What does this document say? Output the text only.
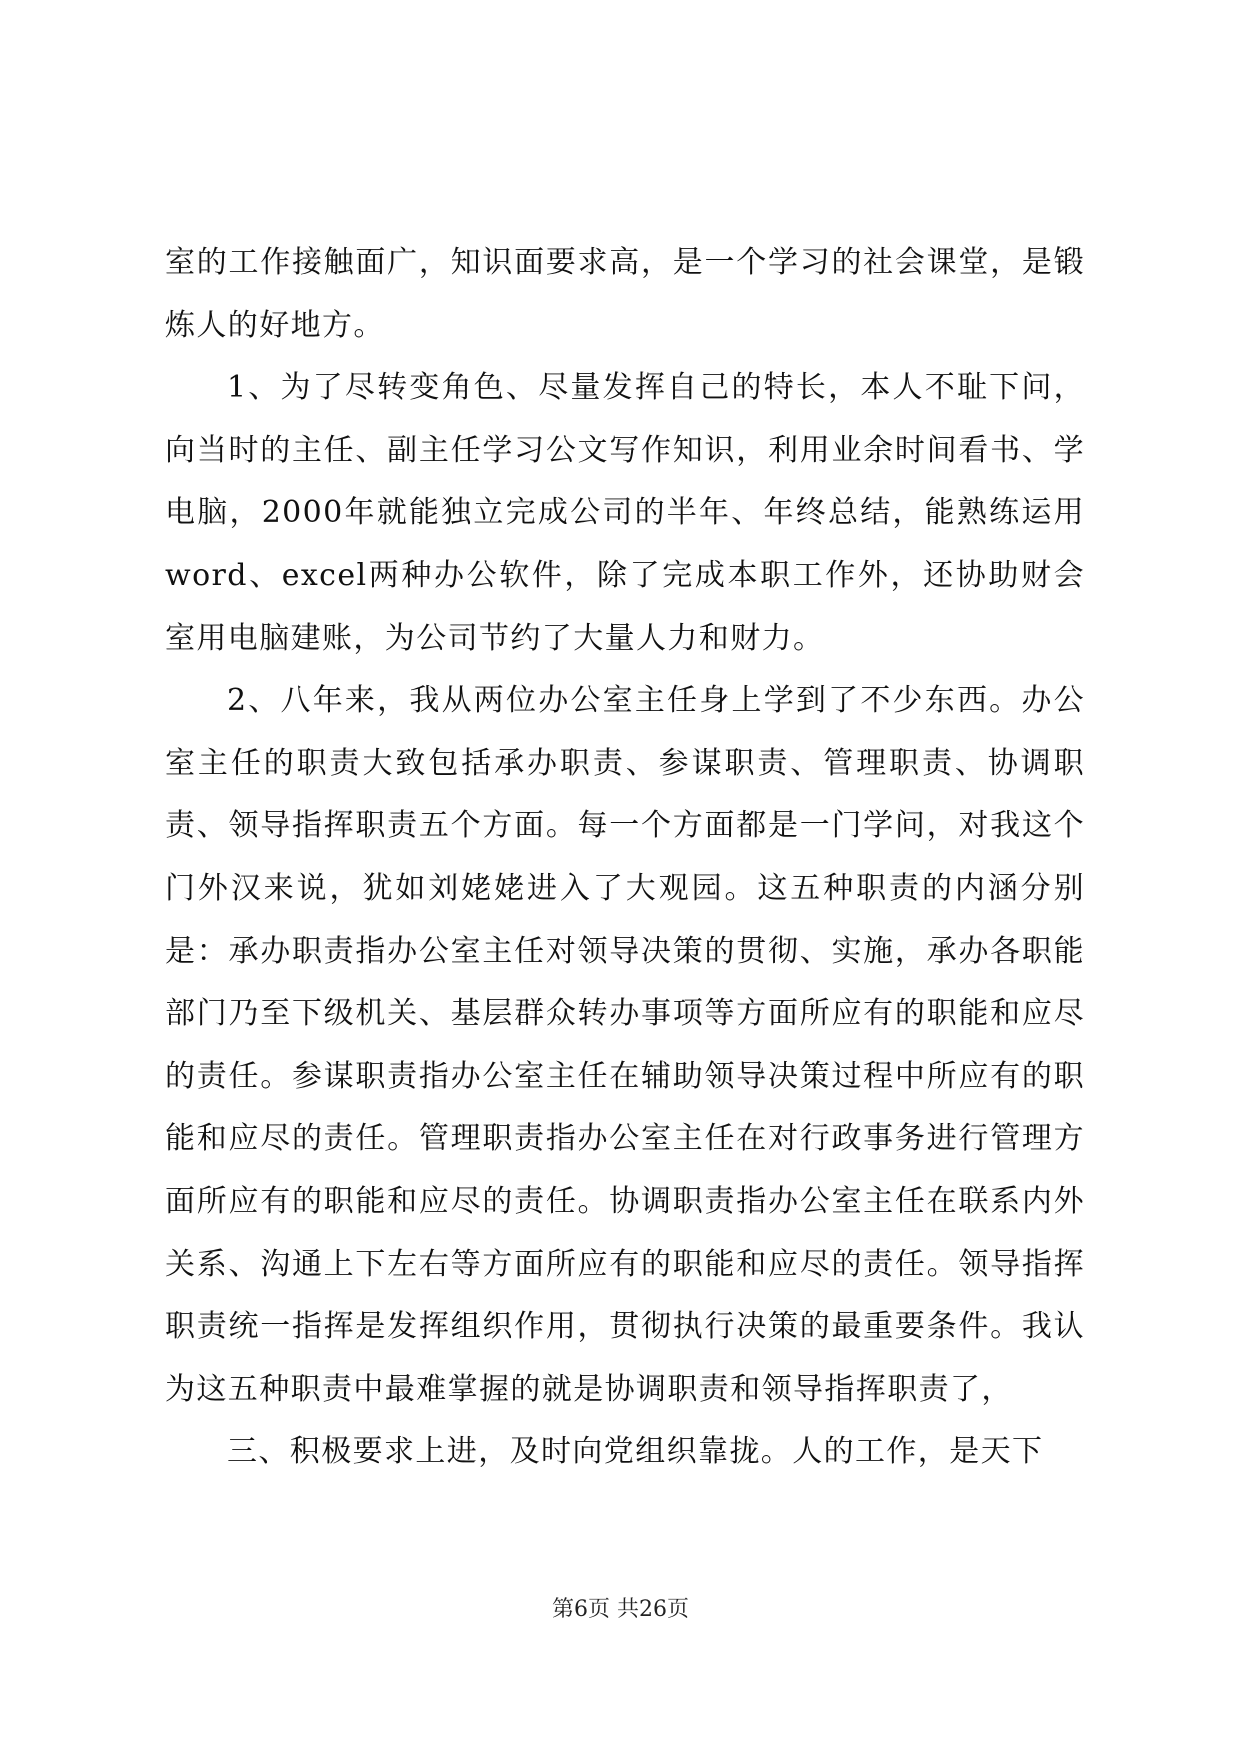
室的工作接触面广，知识面要求高，是一个学习的社会课堂，是锻炼人的好地方。

1、为了尽转变角色、尽量发挥自己的特长，本人不耻下问，向当时的主任、副主任学习公文写作知识，利用业余时间看书、学电脑，2000年就能独立完成公司的半年、年终总结，能熟练运用word、excel两种办公软件，除了完成本职工作外，还协助财会室用电脑建账，为公司节约了大量人力和财力。

2、八年来，我从两位办公室主任身上学到了不少东西。办公室主任的职责大致包括承办职责、参谋职责、管理职责、协调职责、领导指挥职责五个方面。每一个方面都是一门学问，对我这个门外汉来说，犹如刘姥姥进入了大观园。这五种职责的内涵分别是：承办职责指办公室主任对领导决策的贯彻、实施，承办各职能部门乃至下级机关、基层群众转办事项等方面所应有的职能和应尽的责任。参谋职责指办公室主任在辅助领导决策过程中所应有的职能和应尽的责任。管理职责指办公室主任在对行政事务进行管理方面所应有的职能和应尽的责任。协调职责指办公室主任在联系内外关系、沟通上下左右等方面所应有的职能和应尽的责任。领导指挥职责统一指挥是发挥组织作用，贯彻执行决策的最重要条件。我认为这五种职责中最难掌握的就是协调职责和领导指挥职责了，

三、积极要求上进，及时向党组织靠拢。人的工作，是天下

第6页 共26页
